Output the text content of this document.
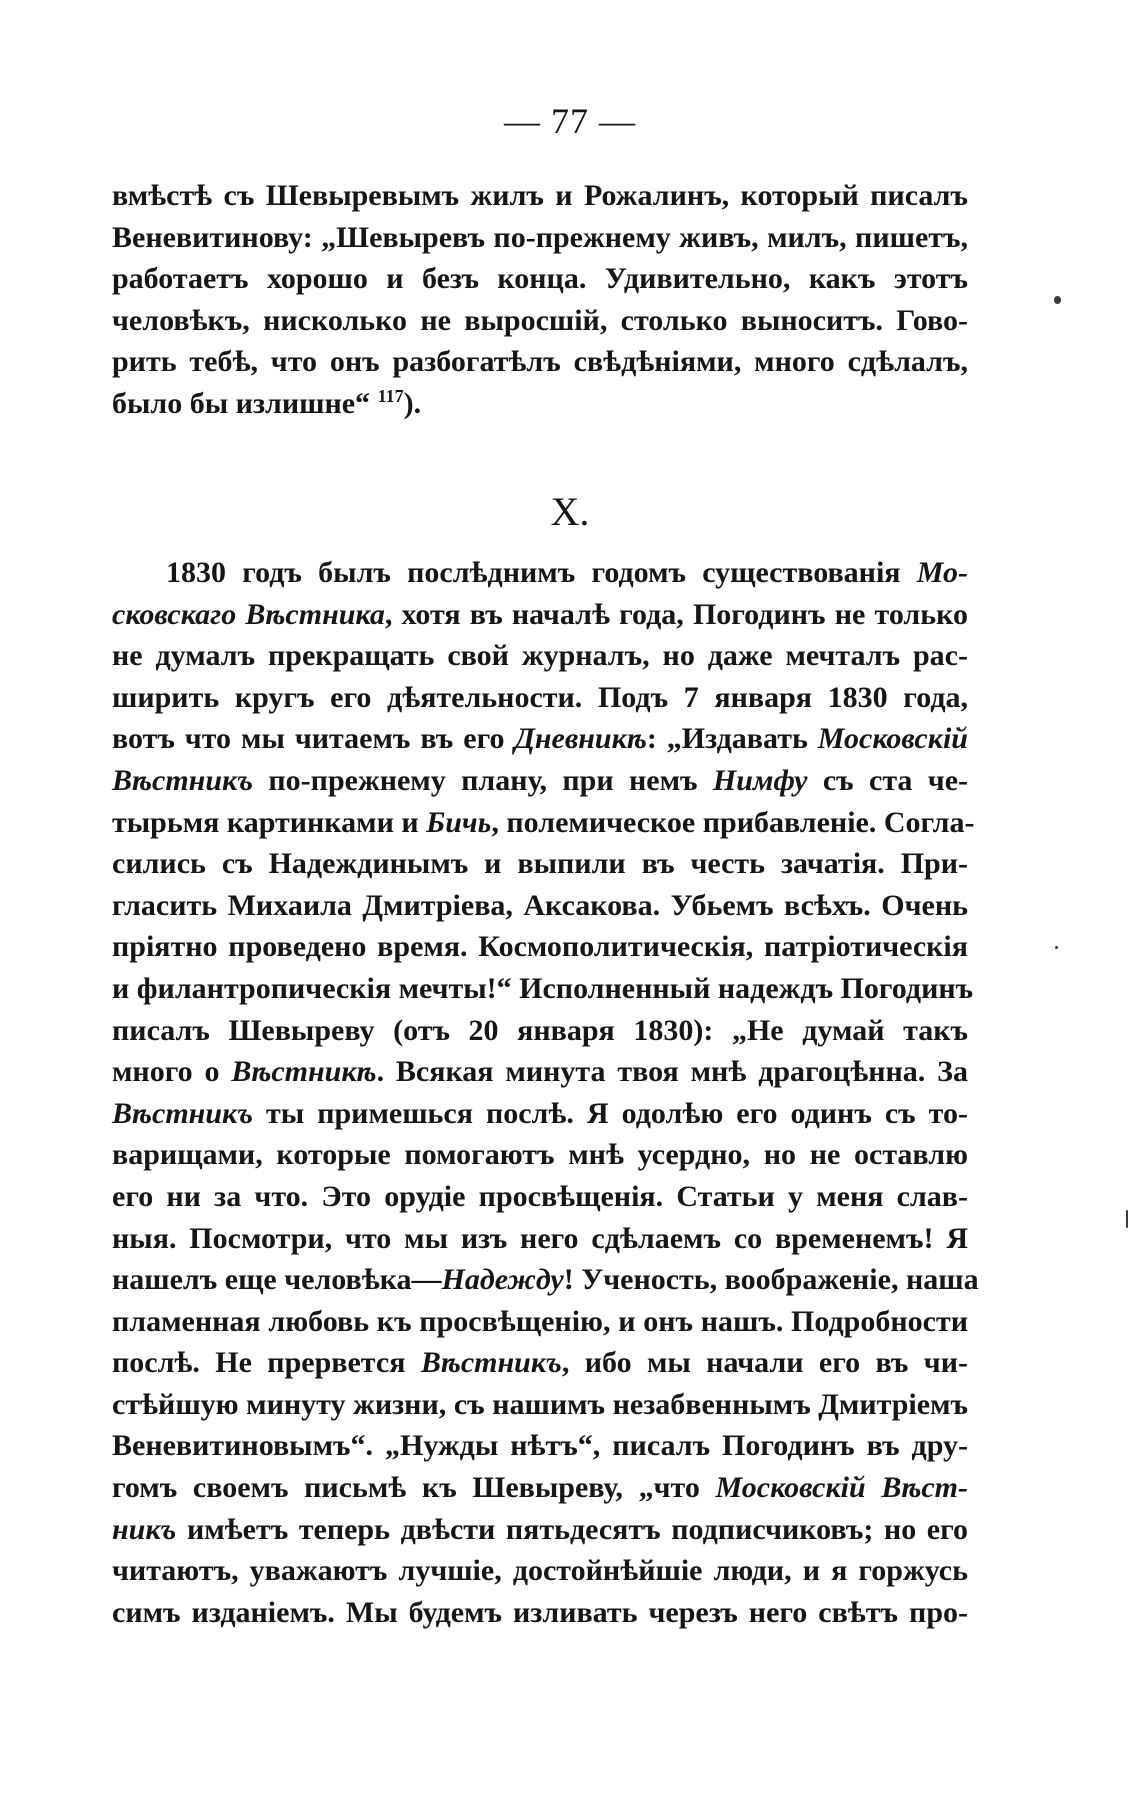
— 77 —
вмѣстѣ съ Шевыревымъ жилъ и Рожалинъ, который писалъ
Веневитинову: „Шевыревъ по-прежнему живъ, милъ, пишетъ,
работаетъ хорошо и безъ конца. Удивительно, какъ этотъ
человѣкъ, нисколько не выросшій, столько выноситъ. Гово-
рить тебѣ, что онъ разбогатѣлъ свѣдѣніями, много сдѣлалъ,
было бы излишне“ $^{117}$).
X.
1830 годъ былъ послѣднимъ годомъ существованія Мо-
сковскаго Вѣстника, хотя въ началѣ года, Погодинъ не только
не думалъ прекращать свой журналъ, но даже мечталъ рас-
ширить кругъ его дѣятельности. Подъ 7 января 1830 года,
вотъ что мы читаемъ въ его Дневникѣ: „Издавать Московскій
Вѣстникъ по-прежнему плану, при немъ Нимфу съ ста че-
тырьмя картинками и Бичь, полемическое прибавленіе. Согла-
сились съ Надеждинымъ и выпили въ честь зачатія. При-
гласить Михаила Дмитріева, Аксакова. Убьемъ всѣхъ. Очень
пріятно проведено время. Космополитическія, патріотическія
и филантропическія мечты!“ Исполненный надеждъ Погодинъ
писалъ Шевыреву (отъ 20 января 1830): „Не думай такъ
много о Вѣстникѣ. Всякая минута твоя мнѣ драгоцѣнна. За
Вѣстникъ ты примешься послѣ. Я одолѣю его одинъ съ то-
варищами, которые помогаютъ мнѣ усердно, но не оставлю
его ни за что. Это орудіе просвѣщенія. Статьи у меня слав-
ныя. Посмотри, что мы изъ него сдѣлаемъ со временемъ! Я
нашелъ еще человѣка—Надежду! Ученость, воображеніе, наша
пламенная любовь къ просвѣщенію, и онъ нашъ. Подробности
послѣ. Не прервется Вѣстникъ, ибо мы начали его въ чи-
стѣйшую минуту жизни, съ нашимъ незабвеннымъ Дмитріемъ
Веневитиновымъ“. „Нужды нѣтъ“, писалъ Погодинъ въ дру-
гомъ своемъ письмѣ къ Шевыреву, „что Московскій Вѣст-
никъ имѣетъ теперь двѣсти пятьдесятъ подписчиковъ; но его
читаютъ, уважаютъ лучшіе, достойнѣйшіе люди, и я горжусь
симъ изданіемъ. Мы будемъ изливать черезъ него свѣтъ про-
